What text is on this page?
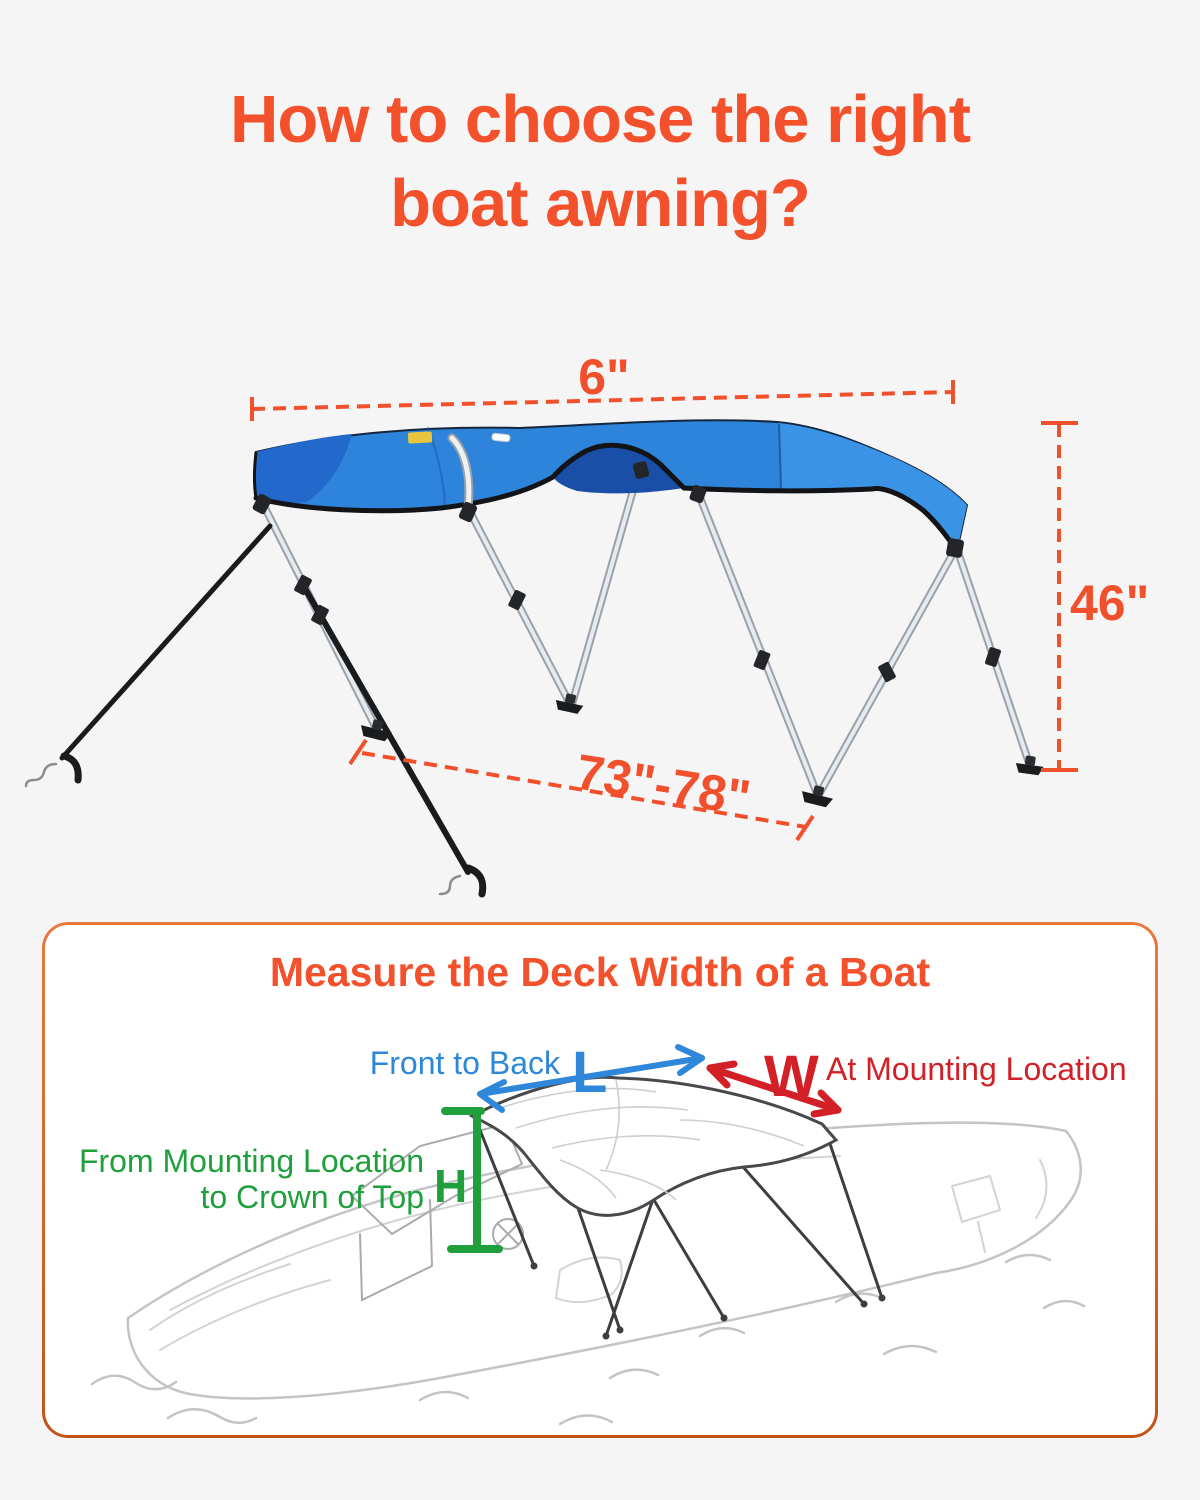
How to choose the right
boat awning?
6"
46"
73"-78"
Measure the Deck Width of a Boat
Front to Back L	W At Mounting Location
From Mounting Location
to Crown of Top H
